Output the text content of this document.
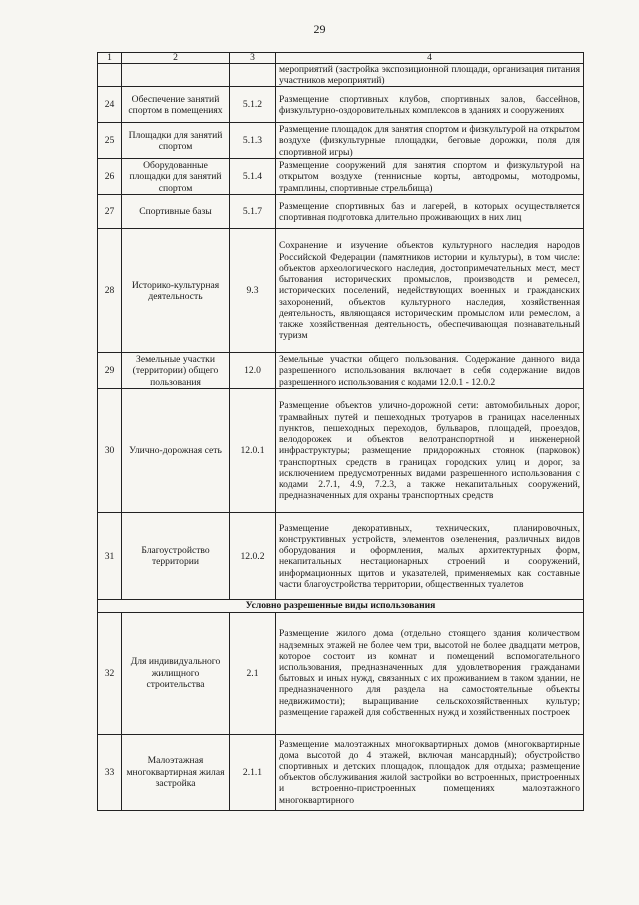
29
1	2	3	4
			мероприятий (застройка экспозиционной площади, организация питания участников мероприятий)
24	Обеспечение занятий спортом в помещениях	5.1.2	Размещение спортивных клубов, спортивных залов, бассейнов, физкультурно-оздоровительных комплексов в зданиях и сооружениях
25	Площадки для занятий спортом	5.1.3	Размещение площадок для занятия спортом и физкультурой на открытом воздухе (физкультурные площадки, беговые дорожки, поля для спортивной игры)
26	Оборудованные площадки для занятий спортом	5.1.4	Размещение сооружений для занятия спортом и физкультурой на открытом воздухе (теннисные корты, автодромы, мотодромы, трамплины, спортивные стрельбища)
27	Спортивные базы	5.1.7	Размещение спортивных баз и лагерей, в которых осуществляется спортивная подготовка длительно проживающих в них лиц
28	Историко-культурная деятельность	9.3	Сохранение и изучение объектов культурного наследия народов Российской Федерации (памятников истории и культуры), в том числе: объектов археологического наследия, достопримечательных мест, мест бытования исторических промыслов, производств и ремесел, исторических поселений, недействующих военных и гражданских захоронений, объектов культурного наследия, хозяйственная деятельность, являющаяся историческим промыслом или ремеслом, а также хозяйственная деятельность, обеспечивающая познавательный туризм
29	Земельные участки (территории) общего пользования	12.0	Земельные участки общего пользования. Содержание данного вида разрешенного использования включает в себя содержание видов разрешенного использования с кодами 12.0.1 - 12.0.2
30	Улично-дорожная сеть	12.0.1	Размещение объектов улично-дорожной сети: автомобильных дорог, трамвайных путей и пешеходных тротуаров в границах населенных пунктов, пешеходных переходов, бульваров, площадей, проездов, велодорожек и объектов велотранспортной и инженерной инфраструктуры; размещение придорожных стоянок (парковок) транспортных средств в границах городских улиц и дорог, за исключением предусмотренных видами разрешенного использования с кодами 2.7.1, 4.9, 7.2.3, а также некапитальных сооружений, предназначенных для охраны транспортных средств
31	Благоустройство территории	12.0.2	Размещение декоративных, технических, планировочных, конструктивных устройств, элементов озеленения, различных видов оборудования и оформления, малых архитектурных форм, некапитальных нестационарных строений и сооружений, информационных щитов и указателей, применяемых как составные части благоустройства территории, общественных туалетов
Условно разрешенные виды использования			
32	Для индивидуального жилищного строительства	2.1	Размещение жилого дома (отдельно стоящего здания количеством надземных этажей не более чем три, высотой не более двадцати метров, которое состоит из комнат и помещений вспомогательного использования, предназначенных для удовлетворения гражданами бытовых и иных нужд, связанных с их проживанием в таком здании, не предназначенного для раздела на самостоятельные объекты недвижимости); выращивание сельскохозяйственных культур; размещение гаражей для собственных нужд и хозяйственных построек
33	Малоэтажная многоквартирная жилая застройка	2.1.1	Размещение малоэтажных многоквартирных домов (многоквартирные дома высотой до 4 этажей, включая мансардный); обустройство спортивных и детских площадок, площадок для отдыха; размещение объектов обслуживания жилой застройки во встроенных, пристроенных и встроенно-пристроенных помещениях малоэтажного многоквартирного
